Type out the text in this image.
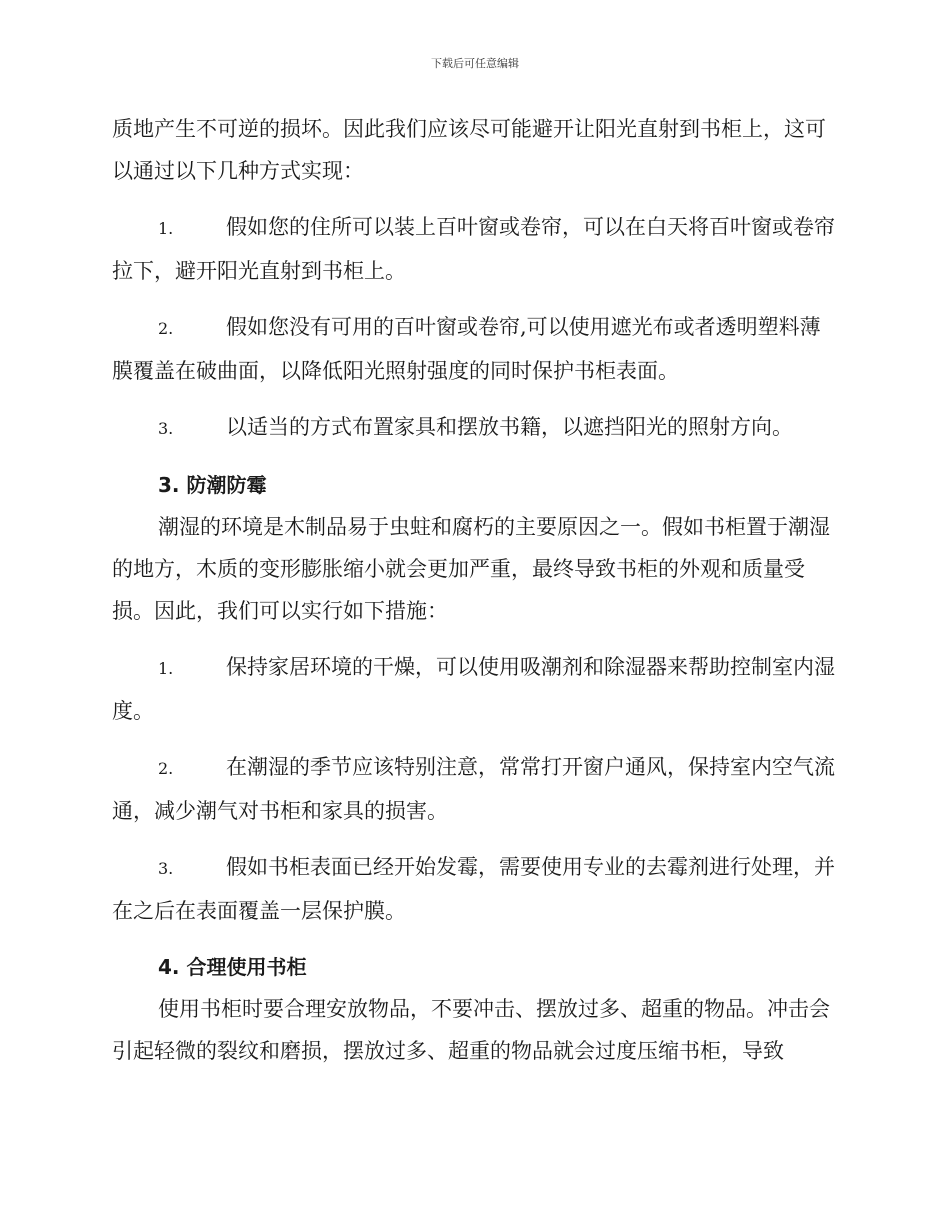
下载后可任意编辑

质地产生不可逆的损坏。因此我们应该尽可能避开让阳光直射到书柜上，这可以通过以下几种方式实现：

1.	假如您的住所可以装上百叶窗或卷帘，可以在白天将百叶窗或卷帘拉下，避开阳光直射到书柜上。

2.	假如您没有可用的百叶窗或卷帘,可以使用遮光布或者透明塑料薄膜覆盖在破曲面，以降低阳光照射强度的同时保护书柜表面。

3.	以适当的方式布置家具和摆放书籍，以遮挡阳光的照射方向。

3. 防潮防霉

潮湿的环境是木制品易于虫蛀和腐朽的主要原因之一。假如书柜置于潮湿的地方，木质的变形膨胀缩小就会更加严重，最终导致书柜的外观和质量受损。因此，我们可以实行如下措施：

1.	保持家居环境的干燥，可以使用吸潮剂和除湿器来帮助控制室内湿度。

2.	在潮湿的季节应该特别注意，常常打开窗户通风，保持室内空气流通，减少潮气对书柜和家具的损害。

3.	假如书柜表面已经开始发霉，需要使用专业的去霉剂进行处理，并在之后在表面覆盖一层保护膜。

4. 合理使用书柜

使用书柜时要合理安放物品，不要冲击、摆放过多、超重的物品。冲击会引起轻微的裂纹和磨损，摆放过多、超重的物品就会过度压缩书柜，导致
